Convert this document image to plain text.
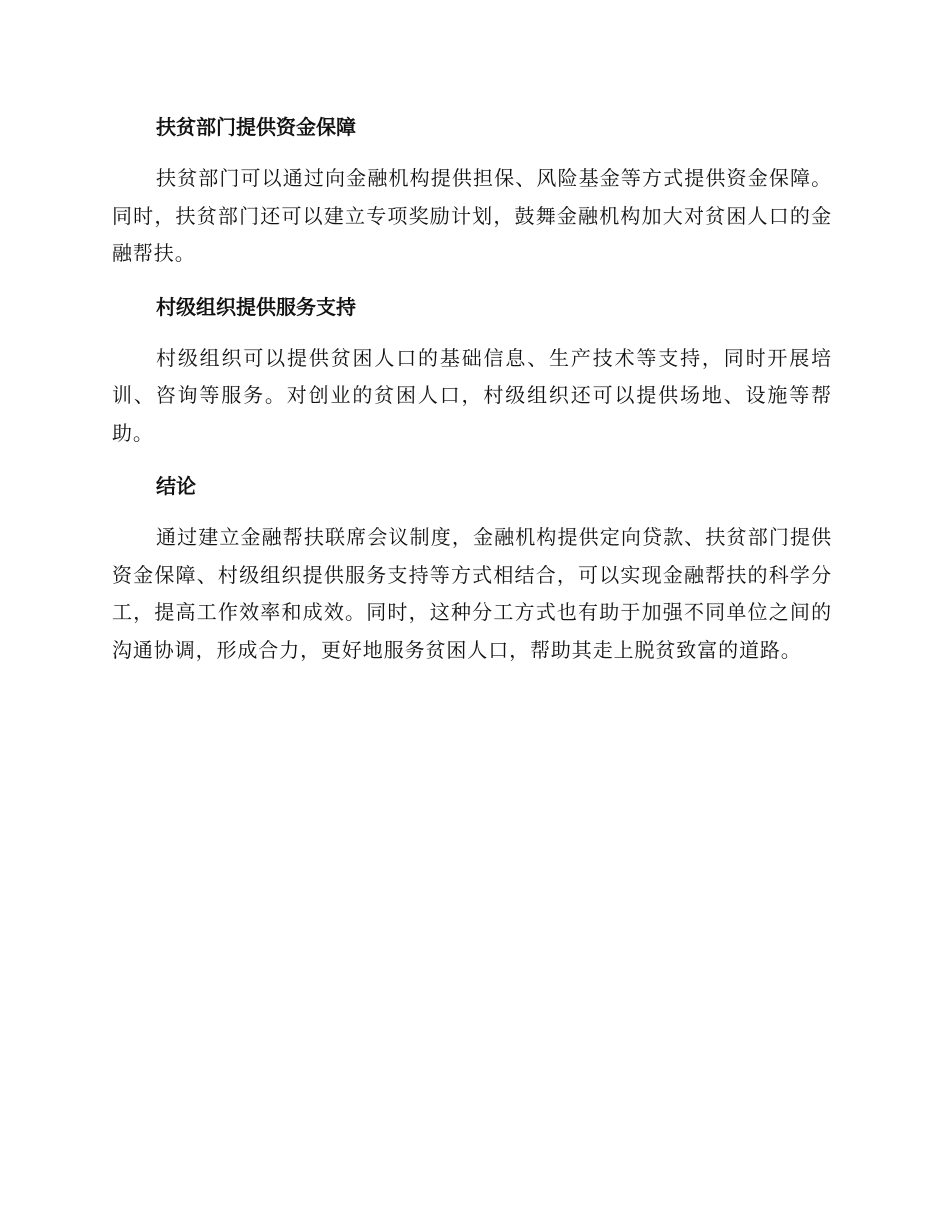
扶贫部门提供资金保障

扶贫部门可以通过向金融机构提供担保、风险基金等方式提供资金保障。同时，扶贫部门还可以建立专项奖励计划，鼓舞金融机构加大对贫困人口的金融帮扶。

村级组织提供服务支持

村级组织可以提供贫困人口的基础信息、生产技术等支持，同时开展培训、咨询等服务。对创业的贫困人口，村级组织还可以提供场地、设施等帮助。

结论

通过建立金融帮扶联席会议制度，金融机构提供定向贷款、扶贫部门提供资金保障、村级组织提供服务支持等方式相结合，可以实现金融帮扶的科学分工，提高工作效率和成效。同时，这种分工方式也有助于加强不同单位之间的沟通协调，形成合力，更好地服务贫困人口，帮助其走上脱贫致富的道路。
